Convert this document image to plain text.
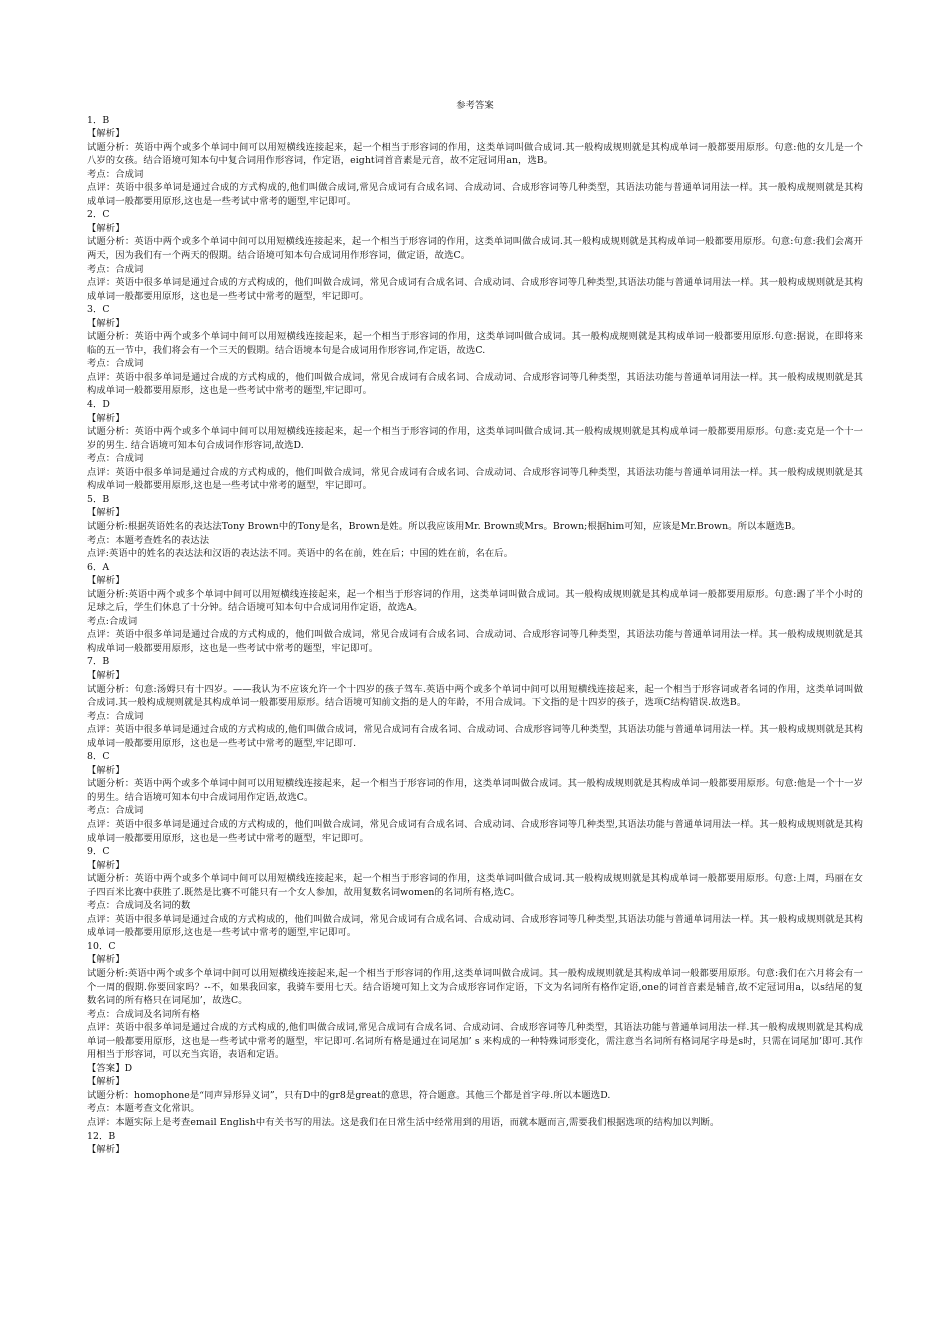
参考答案
1．B
【解析】
试题分析：英语中两个或多个单词中间可以用短横线连接起来，起一个相当于形容词的作用，这类单词叫做合成词.其一般构成规则就是其构成单词一般都要用原形。句意:他的女儿是一个八岁的女孩。结合语境可知本句中复合词用作形容词，作定语，eight词首音素是元音，故不定冠词用an，选B。
考点：合成词
点评：英语中很多单词是通过合成的方式构成的,他们叫做合成词,常见合成词有合成名词、合成动词、合成形容词等几种类型，其语法功能与普通单词用法一样。其一般构成规则就是其构成单词一般都要用原形,这也是一些考试中常考的题型,牢记即可。
2．C
【解析】
试题分析：英语中两个或多个单词中间可以用短横线连接起来，起一个相当于形容词的作用，这类单词叫做合成词.其一般构成规则就是其构成单词一般都要用原形。句意:句意:我们会离开两天，因为我们有一个两天的假期。结合语境可知本句合成词用作形容词，做定语，故选C。
考点：合成词
点评：英语中很多单词是通过合成的方式构成的，他们叫做合成词，常见合成词有合成名词、合成动词、合成形容词等几种类型,其语法功能与普通单词用法一样。其一般构成规则就是其构成单词一般都要用原形，这也是一些考试中常考的题型，牢记即可。
3．C
【解析】
试题分析：英语中两个或多个单词中间可以用短横线连接起来，起一个相当于形容词的作用，这类单词叫做合成词。其一般构成规则就是其构成单词一般都要用原形.句意:据说，在即将来临的五一节中，我们将会有一个三天的假期。结合语境本句是合成词用作形容词,作定语，故选C.
考点：合成词
点评：英语中很多单词是通过合成的方式构成的，他们叫做合成词，常见合成词有合成名词、合成动词、合成形容词等几种类型，其语法功能与普通单词用法一样。其一般构成规则就是其构成单词一般都要用原形，这也是一些考试中常考的题型,牢记即可。
4．D
【解析】
试题分析：英语中两个或多个单词中间可以用短横线连接起来，起一个相当于形容词的作用，这类单词叫做合成词.其一般构成规则就是其构成单词一般都要用原形。句意:麦克是一个十一岁的男生. 结合语境可知本句合成词作形容词,故选D.
考点：合成词
点评：英语中很多单词是通过合成的方式构成的，他们叫做合成词，常见合成词有合成名词、合成动词、合成形容词等几种类型，其语法功能与普通单词用法一样。其一般构成规则就是其构成单词一般都要用原形,这也是一些考试中常考的题型，牢记即可。
5．B
【解析】
试题分析:根据英语姓名的表达法Tony Brown中的Tony是名，Brown是姓。所以我应该用Mr. Brown或Mrs。Brown;根据him可知，应该是Mr.Brown。所以本题选B。
考点：本题考查姓名的表达法
点评:英语中的姓名的表达法和汉语的表达法不同。英语中的名在前，姓在后；中国的姓在前，名在后。
6．A
【解析】
试题分析:英语中两个或多个单词中间可以用短横线连接起来，起一个相当于形容词的作用，这类单词叫做合成词。其一般构成规则就是其构成单词一般都要用原形。句意:踢了半个小时的足球之后，学生们休息了十分钟。结合语境可知本句中合成词用作定语，故选A。
考点:合成词
点评：英语中很多单词是通过合成的方式构成的，他们叫做合成词，常见合成词有合成名词、合成动词、合成形容词等几种类型，其语法功能与普通单词用法一样。其一般构成规则就是其构成单词一般都要用原形，这也是一些考试中常考的题型，牢记即可。
7．B
【解析】
试题分析：句意:汤姆只有十四岁。——我认为不应该允许一个十四岁的孩子驾车.英语中两个或多个单词中间可以用短横线连接起来，起一个相当于形容词或者名词的作用，这类单词叫做合成词.其一般构成规则就是其构成单词一般都要用原形。结合语境可知前文指的是人的年龄，不用合成词。下文指的是十四岁的孩子，选项C结构错误.故选B。
考点：合成词
点评：英语中很多单词是通过合成的方式构成的,他们叫做合成词，常见合成词有合成名词、合成动词、合成形容词等几种类型，其语法功能与普通单词用法一样。其一般构成规则就是其构成单词一般都要用原形，这也是一些考试中常考的题型,牢记即可.
8．C
【解析】
试题分析：英语中两个或多个单词中间可以用短横线连接起来，起一个相当于形容词的作用，这类单词叫做合成词。其一般构成规则就是其构成单词一般都要用原形。句意:他是一个十一岁的男生。结合语境可知本句中合成词用作定语,故选C。
考点：合成词
点评：英语中很多单词是通过合成的方式构成的，他们叫做合成词，常见合成词有合成名词、合成动词、合成形容词等几种类型,其语法功能与普通单词用法一样。其一般构成规则就是其构成单词一般都要用原形，这也是一些考试中常考的题型，牢记即可。
9．C
【解析】
试题分析：英语中两个或多个单词中间可以用短横线连接起来，起一个相当于形容词的作用，这类单词叫做合成词.其一般构成规则就是其构成单词一般都要用原形。句意:上周，玛丽在女子四百米比赛中获胜了.既然是比赛不可能只有一个女人参加，故用复数名词women的名词所有格,选C。
考点：合成词及名词的数
点评：英语中很多单词是通过合成的方式构成的，他们叫做合成词，常见合成词有合成名词、合成动词、合成形容词等几种类型,其语法功能与普通单词用法一样。其一般构成规则就是其构成单词一般都要用原形,这也是一些考试中常考的题型,牢记即可。
10．C
【解析】
试题分析:英语中两个或多个单词中间可以用短横线连接起来,起一个相当于形容词的作用,这类单词叫做合成词。其一般构成规则就是其构成单词一般都要用原形。句意:我们在六月将会有一个一周的假期.你要回家吗？--不，如果我回家，我骑车要用七天。结合语境可知上文为合成形容词作定语，下文为名词所有格作定语,one的词首音素是辅音,故不定冠词用a，以s结尾的复数名词的所有格只在词尾加’，故选C。
考点：合成词及名词所有格
点评：英语中很多单词是通过合成的方式构成的,他们叫做合成词,常见合成词有合成名词、合成动词、合成形容词等几种类型，其语法功能与普通单词用法一样.其一般构成规则就是其构成单词一般都要用原形，这也是一些考试中常考的题型，牢记即可.名词所有格是通过在词尾加’ s 来构成的一种特殊词形变化，需注意当名词所有格词尾字母是s时，只需在词尾加’即可.其作用相当于形容词，可以充当宾语，表语和定语。
【答案】D
【解析】
试题分析：homophone是“同声异形异义词”，只有D中的gr8是great的意思，符合题意。其他三个都是首字母.所以本题选D.
考点：本题考查文化常识。
点评：本题实际上是考查email English中有关书写的用法。这是我们在日常生活中经常用到的用语，而就本题而言,需要我们根据选项的结构加以判断。
12．B
【解析】
